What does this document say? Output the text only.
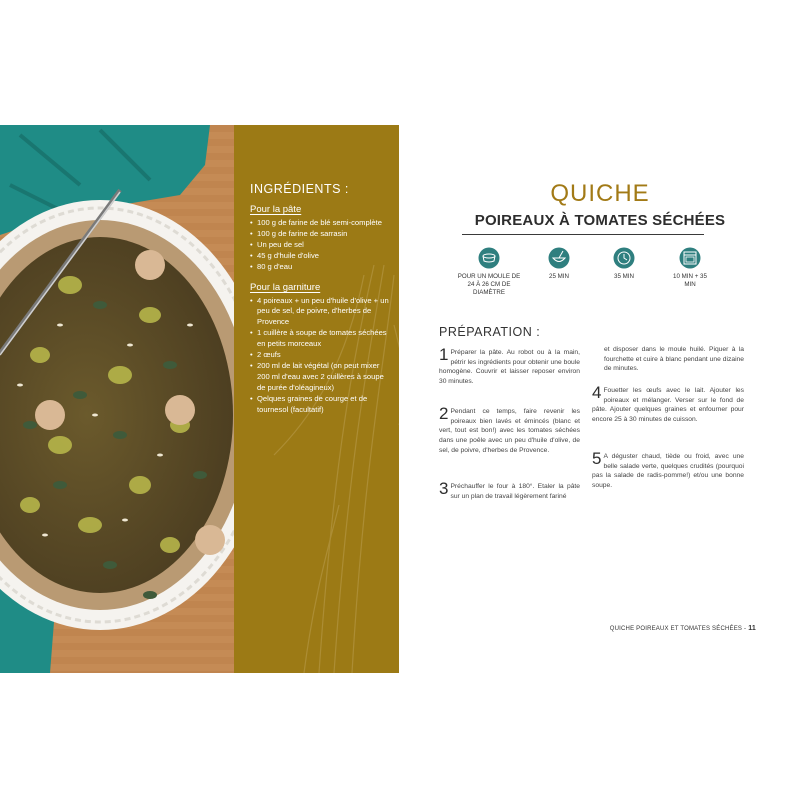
INGRÉDIENTS :
Pour la pâte
• 100 g de farine de blé semi-complète
• 100 g de farine de sarrasin
• Un peu de sel
• 45 g d'huile d'olive
• 80 g d'eau
Pour la garniture
• 4 poireaux + un peu d'huile d'olive + un peu de sel, de poivre, d'herbes de Provence
• 1 cuillère à soupe de tomates séchées en petits morceaux
• 2 œufs
• 200 ml de lait végétal (on peut mixer 200 ml d'eau avec 2 cuillères à soupe de purée d'oléagineux)
• Qelques graines de courge et de tournesol (facultatif)
QUICHE
POIREAUX À TOMATES SÉCHÉES
POUR UN MOULE DE 24 À 26 CM DE DIAMÈTRE
25 MIN	35 MIN	10 MIN + 35 MIN
PRÉPARATION :
1 Préparer la pâte. Au robot ou à la main, pétrir les ingrédients pour obtenir une boule homogène. Couvrir et laisser reposer environ 30 minutes.
2 Pendant ce temps, faire revenir les poireaux bien lavés et émincés (blanc et vert, tout est bon!) avec les tomates séchées dans une poêle avec un peu d'huile d'olive, de sel, de poivre, d'herbes de Provence.
3 Préchauffer le four à 180°. Etaler la pâte sur un plan de travail légèrement fariné
et disposer dans le moule huilé. Piquer à la fourchette et cuire à blanc pendant une dizaine de minutes.
4 Fouetter les œufs avec le lait. Ajouter les poireaux et mélanger. Verser sur le fond de pâte. Ajouter quelques graines et enfourner pour encore 25 à 30 minutes de cuisson.
5 A déguster chaud, tiède ou froid, avec une belle salade verte, quelques crudités (pourquoi pas la salade de radis-pomme!) et/ou une bonne soupe.
QUICHE POIREAUX ET TOMATES SÉCHÉES - 11
